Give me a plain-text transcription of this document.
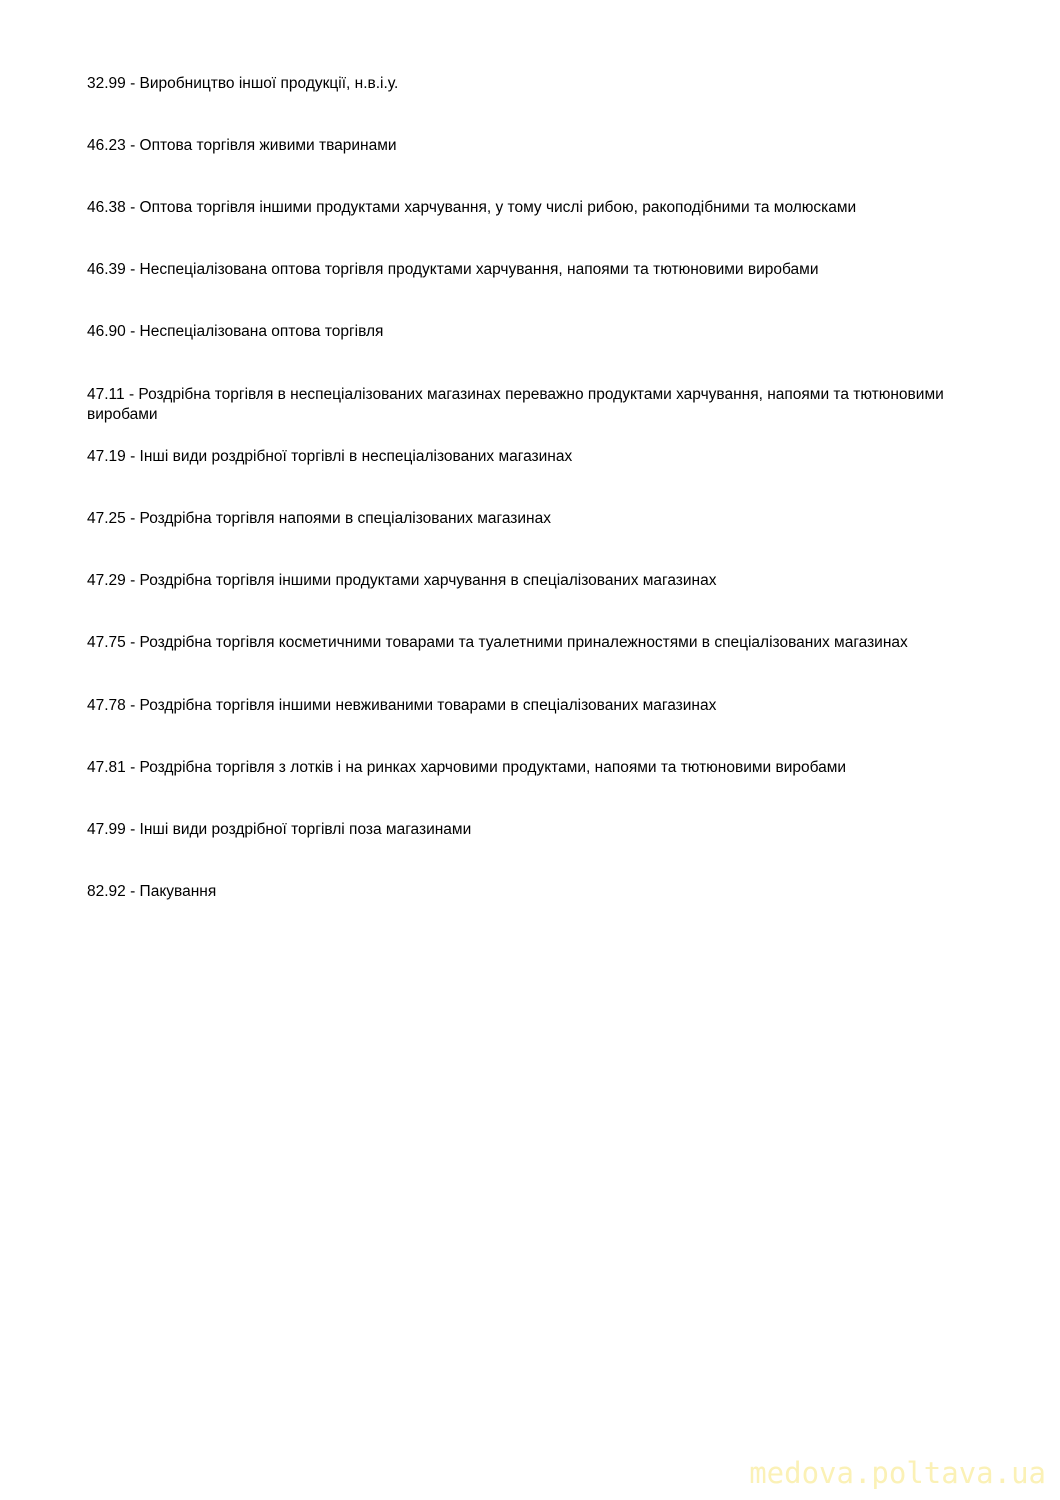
32.99 - Виробництво іншої продукції, н.в.і.у.
46.23 - Оптова торгівля живими тваринами
46.38 - Оптова торгівля іншими продуктами харчування, у тому числі рибою, ракоподібними та молюсками
46.39 - Неспеціалізована оптова торгівля продуктами харчування, напоями та тютюновими виробами
46.90 - Неспеціалізована оптова торгівля
47.11 - Роздрібна торгівля в неспеціалізованих магазинах переважно продуктами харчування, напоями та тютюновими виробами
47.19 - Інші види роздрібної торгівлі в неспеціалізованих магазинах
47.25 - Роздрібна торгівля напоями в спеціалізованих магазинах
47.29 - Роздрібна торгівля іншими продуктами харчування в спеціалізованих магазинах
47.75 - Роздрібна торгівля косметичними товарами та туалетними приналежностями в спеціалізованих магазинах
47.78 - Роздрібна торгівля іншими невживаними товарами в спеціалізованих магазинах
47.81 - Роздрібна торгівля з лотків і на ринках харчовими продуктами, напоями та тютюновими виробами
47.99 - Інші види роздрібної торгівлі поза магазинами
82.92 - Пакування
medova.poltava.ua
